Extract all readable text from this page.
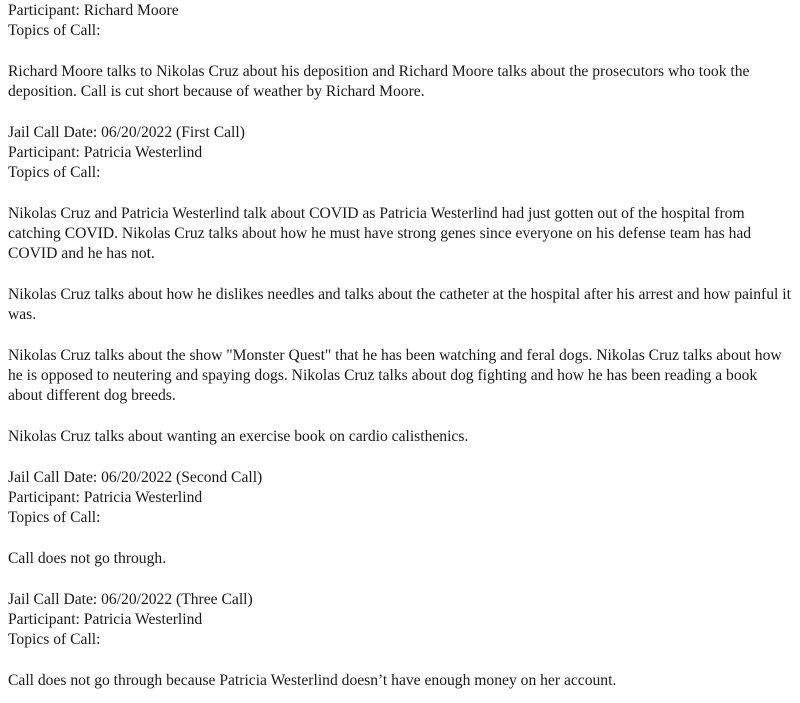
Participant: Richard Moore

Topics of Call:

Richard Moore talks to Nikolas Cruz about his deposition and Richard Moore talks about the prosecutors who took the deposition. Call is cut short because of weather by Richard Moore.

Jail Call Date: 06/20/2022 (First Call)

Participant: Patricia Westerlind

Topics of Call:

Nikolas Cruz and Patricia Westerlind talk about COVID as Patricia Westerlind had just gotten out of the hospital from catching COVID. Nikolas Cruz talks about how he must have strong genes since everyone on his defense team has had COVID and he has not.

Nikolas Cruz talks about how he dislikes needles and talks about the catheter at the hospital after his arrest and how painful it was.

Nikolas Cruz talks about the show "Monster Quest" that he has been watching and feral dogs. Nikolas Cruz talks about how he is opposed to neutering and spaying dogs. Nikolas Cruz talks about dog fighting and how he has been reading a book about different dog breeds.

Nikolas Cruz talks about wanting an exercise book on cardio calisthenics.

Jail Call Date: 06/20/2022 (Second Call)

Participant: Patricia Westerlind

Topics of Call:

Call does not go through.

Jail Call Date: 06/20/2022 (Three Call)

Participant: Patricia Westerlind

Topics of Call:

Call does not go through because Patricia Westerlind doesn’t have enough money on her account.
